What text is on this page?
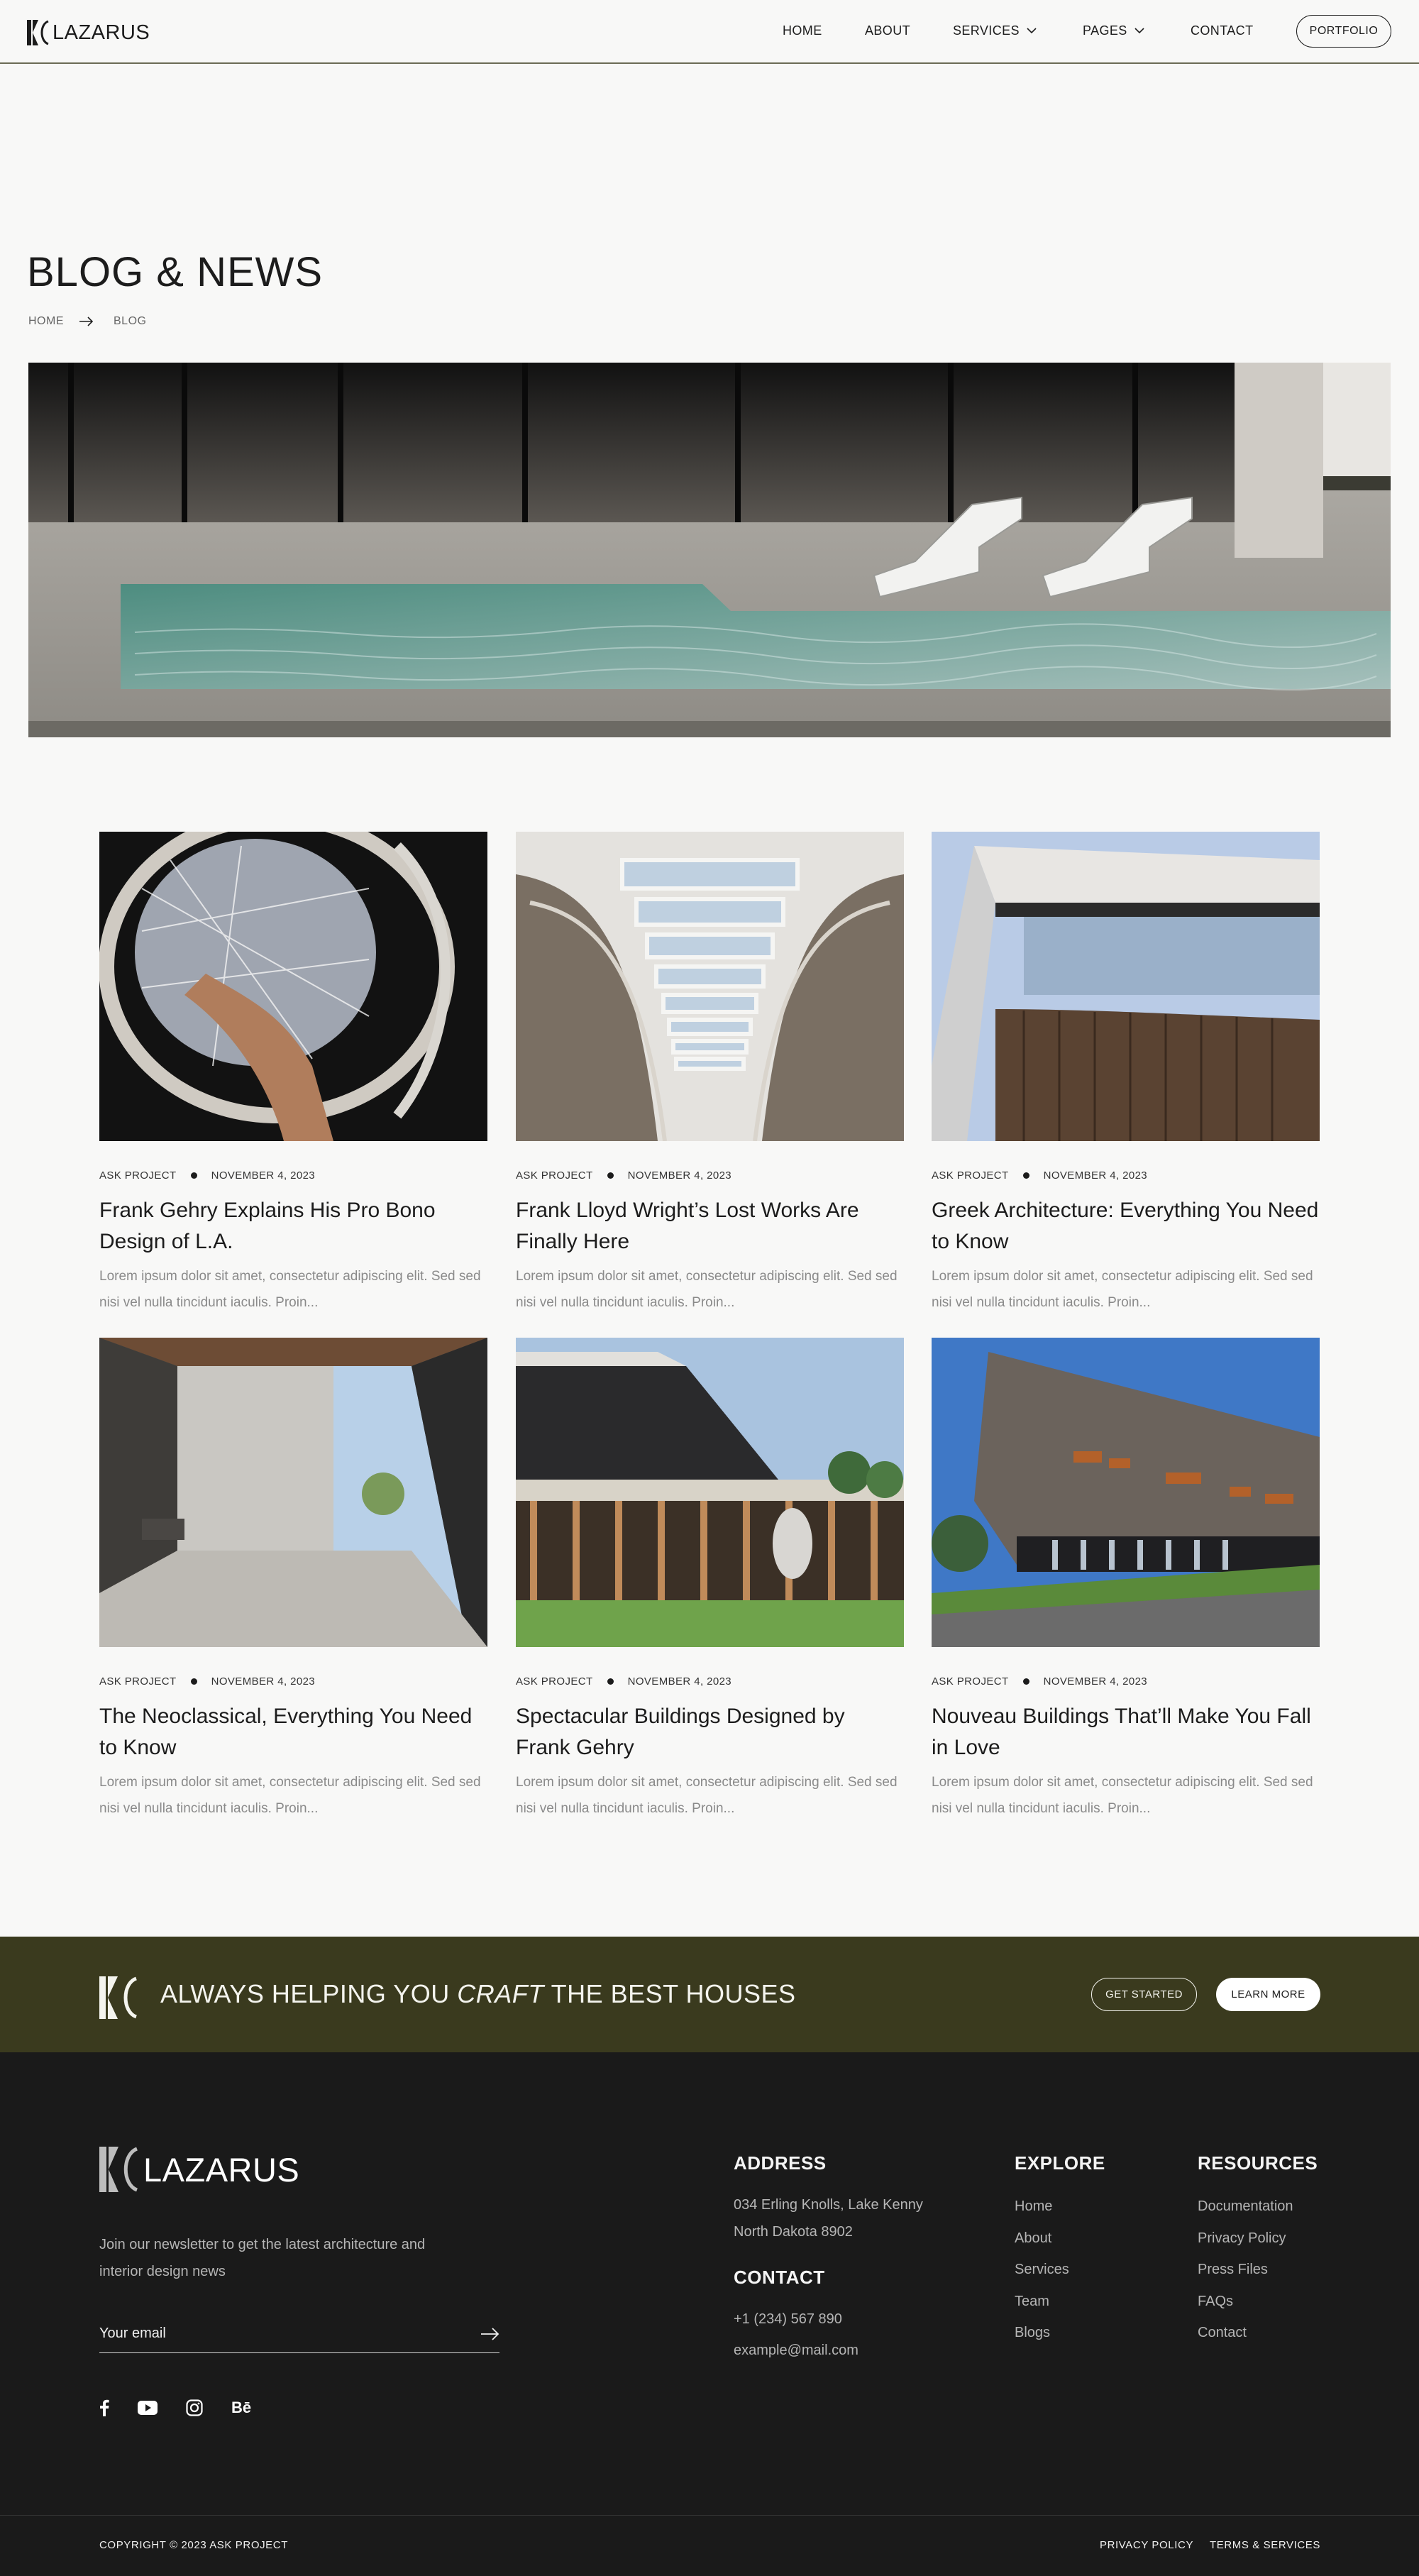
LAZARUS	HOME	ABOUT	SERVICES	PAGES	CONTACT	PORTFOLIO
BLOG & NEWS
HOME	BLOG
ASK PROJECT	NOVEMBER 4, 2023
Frank Gehry Explains His Pro Bono Design of L.A.

Lorem ipsum dolor sit amet, consectetur adipiscing elit. Sed sed nisi vel nulla tincidunt iaculis. Proin...

ASK PROJECT	NOVEMBER 4, 2023
Frank Lloyd Wright’s Lost Works Are Finally Here

Lorem ipsum dolor sit amet, consectetur adipiscing elit. Sed sed nisi vel nulla tincidunt iaculis. Proin...

ASK PROJECT	NOVEMBER 4, 2023
Greek Architecture: Everything You Need to Know

Lorem ipsum dolor sit amet, consectetur adipiscing elit. Sed sed nisi vel nulla tincidunt iaculis. Proin...

ASK PROJECT	NOVEMBER 4, 2023
The Neoclassical, Everything You Need to Know

Lorem ipsum dolor sit amet, consectetur adipiscing elit. Sed sed nisi vel nulla tincidunt iaculis. Proin...

ASK PROJECT	NOVEMBER 4, 2023
Spectacular Buildings Designed by Frank Gehry

Lorem ipsum dolor sit amet, consectetur adipiscing elit. Sed sed nisi vel nulla tincidunt iaculis. Proin...

ASK PROJECT	NOVEMBER 4, 2023
Nouveau Buildings That’ll Make You Fall in Love

Lorem ipsum dolor sit amet, consectetur adipiscing elit. Sed sed nisi vel nulla tincidunt iaculis. Proin...

ALWAYS HELPING YOU CRAFT THE BEST HOUSES	GET STARTED	LEARN MORE
LAZARUS

Join our newsletter to get the latest architecture and interior design news

Your email
Bē
ADDRESS

034 Erling Knolls, Lake Kenny

North Dakota 8902

CONTACT

+1 (234) 567 890

example@mail.com

EXPLORE
Home
About
Services
Team
Blogs
RESOURCES
Documentation
Privacy Policy
Press Files
FAQs
Contact
COPYRIGHT © 2023 ASK PROJECT	PRIVACY POLICY TERMS & SERVICES
